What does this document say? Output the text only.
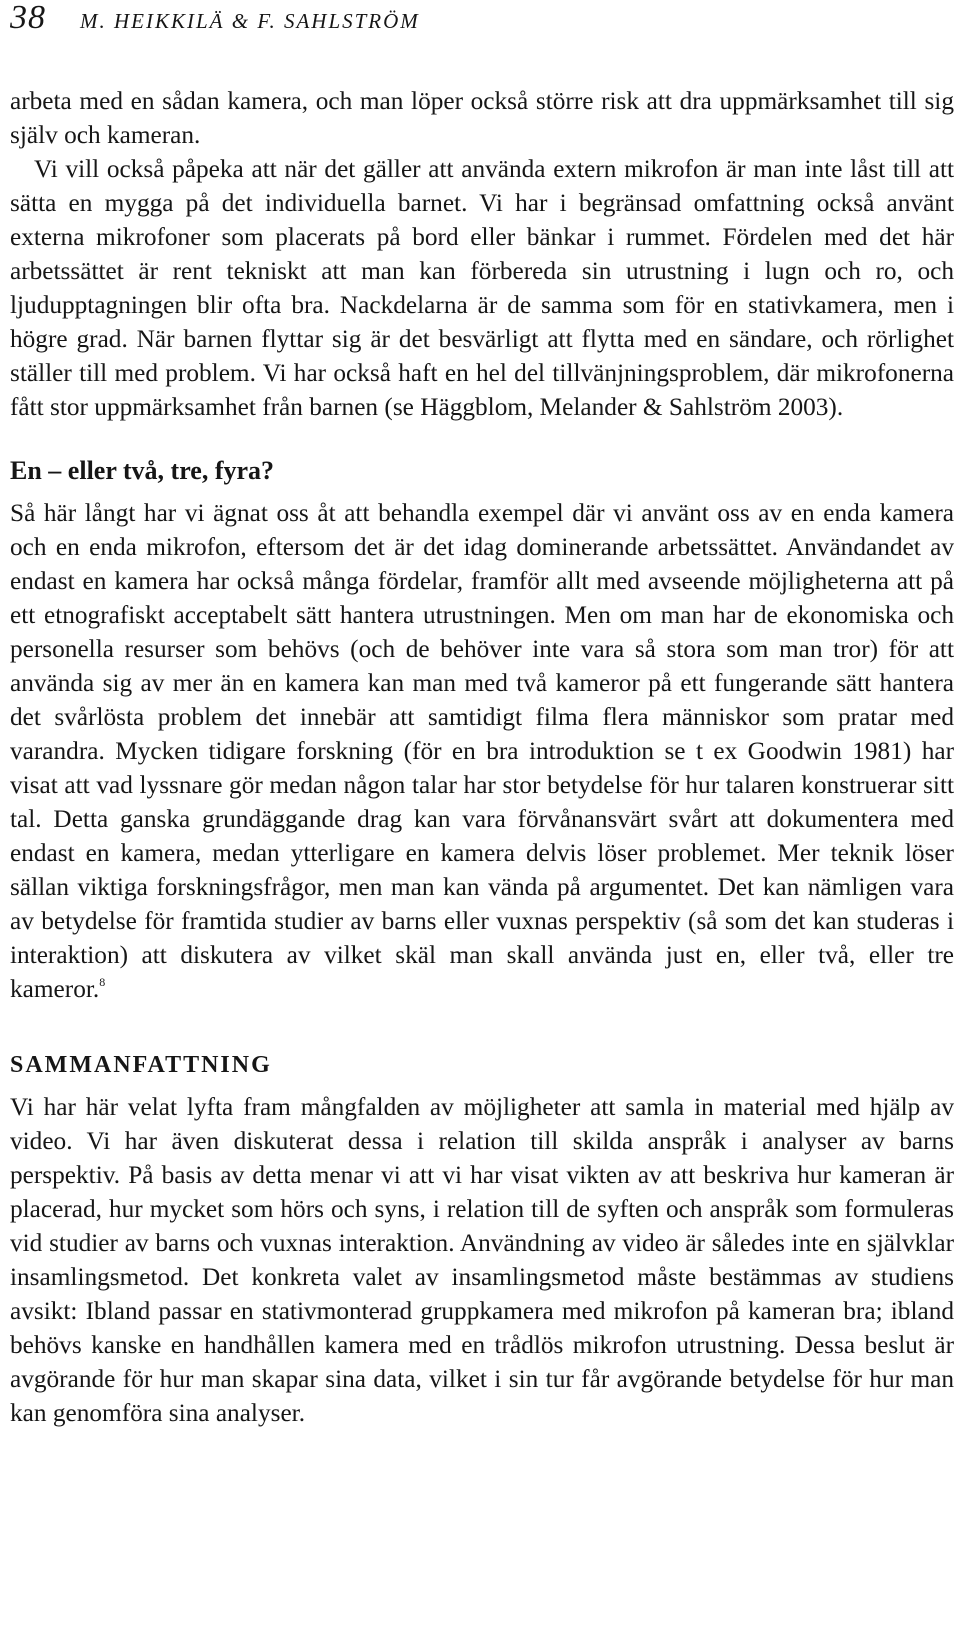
38 M. HEIKKILÄ & F. SAHLSTRÖM

arbeta med en sådan kamera, och man löper också större risk att dra uppmärksamhet till sig själv och kameran.

Vi vill också påpeka att när det gäller att använda extern mikrofon är man inte låst till att sätta en mygga på det individuella barnet. Vi har i begränsad omfattning också använt externa mikrofoner som placerats på bord eller bänkar i rummet. Fördelen med det här arbetssättet är rent tekniskt att man kan förbereda sin utrustning i lugn och ro, och ljudupptagningen blir ofta bra. Nackdelarna är de samma som för en stativkamera, men i högre grad. När barnen flyttar sig är det besvärligt att flytta med en sändare, och rörlighet ställer till med problem. Vi har också haft en hel del tillvänjningsproblem, där mikrofonerna fått stor uppmärksamhet från barnen (se Häggblom, Melander & Sahlström 2003).

En – eller två, tre, fyra?

Så här långt har vi ägnat oss åt att behandla exempel där vi använt oss av en enda kamera och en enda mikrofon, eftersom det är det idag dominerande arbetssättet. Användandet av endast en kamera har också många fördelar, framför allt med avseende möjligheterna att på ett etnografiskt acceptabelt sätt hantera utrustningen. Men om man har de ekonomiska och personella resurser som behövs (och de behöver inte vara så stora som man tror) för att använda sig av mer än en kamera kan man med två kameror på ett fungerande sätt hantera det svårlösta problem det innebär att samtidigt filma flera människor som pratar med varandra. Mycken tidigare forskning (för en bra introduktion se t ex Goodwin 1981) har visat att vad lyssnare gör medan någon talar har stor betydelse för hur talaren konstruerar sitt tal. Detta ganska grundäggande drag kan vara förvånansvärt svårt att dokumentera med endast en kamera, medan ytterligare en kamera delvis löser problemet. Mer teknik löser sällan viktiga forskningsfrågor, men man kan vända på argumentet. Det kan nämligen vara av betydelse för framtida studier av barns eller vuxnas perspektiv (så som det kan studeras i interaktion) att diskutera av vilket skäl man skall använda just en, eller två, eller tre kameror.$^8$

SAMMANFATTNING

Vi har här velat lyfta fram mångfalden av möjligheter att samla in material med hjälp av video. Vi har även diskuterat dessa i relation till skilda anspråk i analyser av barns perspektiv. På basis av detta menar vi att vi har visat vikten av att beskriva hur kameran är placerad, hur mycket som hörs och syns, i relation till de syften och anspråk som formuleras vid studier av barns och vuxnas interaktion. Användning av video är således inte en självklar insamlingsmetod. Det konkreta valet av insamlingsmetod måste bestämmas av studiens avsikt: Ibland passar en stativmonterad gruppkamera med mikrofon på kameran bra; ibland behövs kanske en handhållen kamera med en trådlös mikrofon utrustning. Dessa beslut är avgörande för hur man skapar sina data, vilket i sin tur får avgörande betydelse för hur man kan genomföra sina analyser.
